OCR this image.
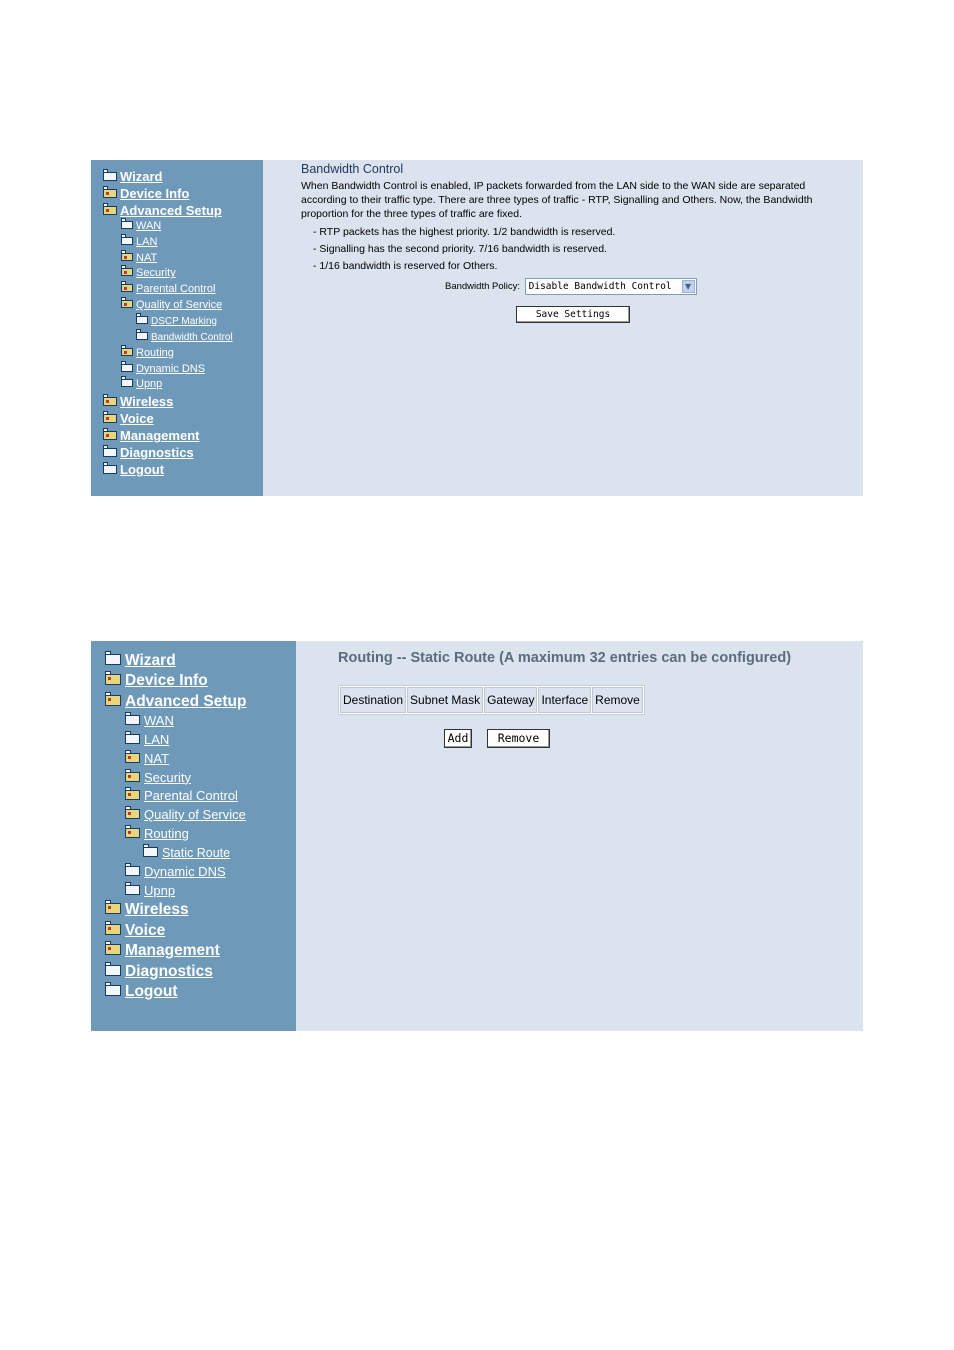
Wizard
Device Info
Advanced Setup
WAN
LAN
NAT
Security
Parental Control
Quality of Service
DSCP Marking
Bandwidth Control
Routing
Dynamic DNS
Upnp
Wireless
Voice
Management
Diagnostics
Logout
Bandwidth Control

When Bandwidth Control is enabled, IP packets forwarded from the LAN side to the WAN side are separated according to their traffic type. There are three types of traffic - RTP, Signalling and Others. Now, the Bandwidth proportion for the three types of traffic are fixed.

- RTP packets has the highest priority. 1/2 bandwidth is reserved.
- Signalling has the second priority. 7/16 bandwidth is reserved.
- 1/16 bandwidth is reserved for Others.
Bandwidth Policy: Disable Bandwidth Control	▼
Save Settings
Wizard
Device Info
Advanced Setup
WAN
LAN
NAT
Security
Parental Control
Quality of Service
Routing
Static Route
Dynamic DNS
Upnp
Wireless
Voice
Management
Diagnostics
Logout
Routing -- Static Route (A maximum 32 entries can be configured)
Destination	Subnet Mask	Gateway	Interface	Remove
Add	Remove
